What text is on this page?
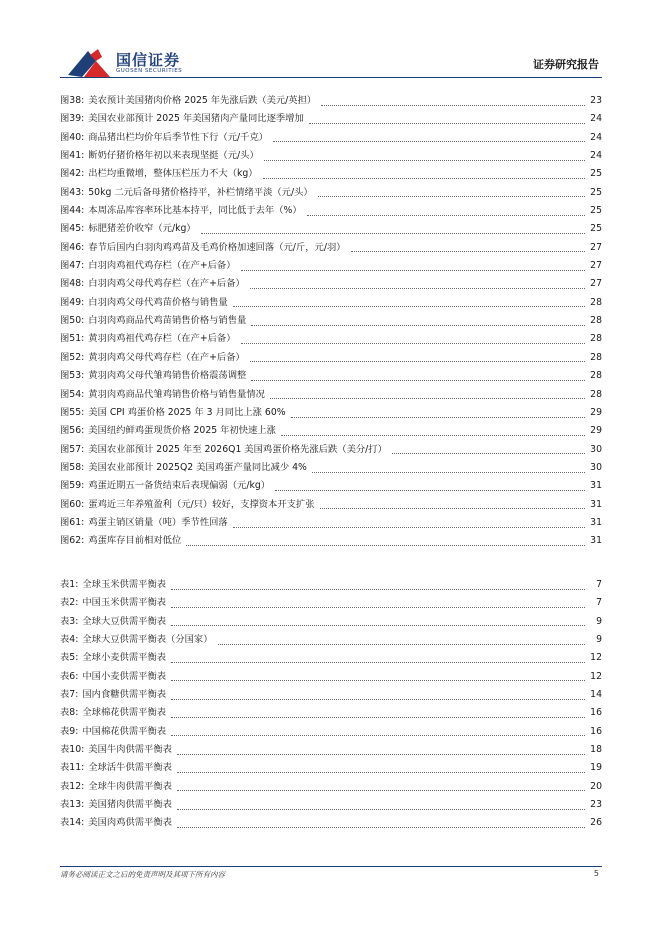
国信证券
GUOSEN SECURITIES	证券研究报告
图38: 美农预计美国猪肉价格 2025 年先涨后跌（美元/英担）	23
图39: 美国农业部预计 2025 年美国猪肉产量同比逐季增加	24
图40: 商品猪出栏均价年后季节性下行（元/千克）	24
图41: 断奶仔猪价格年初以来表现坚挺（元/头）	24
图42: 出栏均重微增，整体压栏压力不大（kg）	25
图43: 50kg 二元后备母猪价格持平，补栏情绪平淡（元/头）	25
图44: 本周冻品库容率环比基本持平，同比低于去年（%）	25
图45: 标肥猪差价收窄（元/kg）	25
图46: 春节后国内白羽肉鸡鸡苗及毛鸡价格加速回落（元/斤，元/羽）	27
图47: 白羽肉鸡祖代鸡存栏（在产+后备）	27
图48: 白羽肉鸡父母代鸡存栏（在产+后备）	27
图49: 白羽肉鸡父母代鸡苗价格与销售量	28
图50: 白羽肉鸡商品代鸡苗销售价格与销售量	28
图51: 黄羽肉鸡祖代鸡存栏（在产+后备）	28
图52: 黄羽肉鸡父母代鸡存栏（在产+后备）	28
图53: 黄羽肉鸡父母代雏鸡销售价格震荡调整	28
图54: 黄羽肉鸡商品代雏鸡销售价格与销售量情况	28
图55: 美国 CPI 鸡蛋价格 2025 年 3 月同比上涨 60%	29
图56: 美国纽约鲜鸡蛋现货价格 2025 年初快速上涨	29
图57: 美国农业部预计 2025 年至 2026Q1 美国鸡蛋价格先涨后跌（美分/打）	30
图58: 美国农业部预计 2025Q2 美国鸡蛋产量同比减少 4%	30
图59: 鸡蛋近期五一备货结束后表现偏弱（元/kg）	31
图60: 蛋鸡近三年养殖盈利（元/只）较好，支撑资本开支扩张	31
图61: 鸡蛋主销区销量（吨）季节性回落	31
图62: 鸡蛋库存目前相对低位	31
表1: 全球玉米供需平衡表	7
表2: 中国玉米供需平衡表	7
表3: 全球大豆供需平衡表	9
表4: 全球大豆供需平衡表（分国家）	9
表5: 全球小麦供需平衡表	12
表6: 中国小麦供需平衡表	12
表7: 国内食糖供需平衡表	14
表8: 全球棉花供需平衡表	16
表9: 中国棉花供需平衡表	16
表10: 美国牛肉供需平衡表	18
表11: 全球活牛供需平衡表	19
表12: 全球牛肉供需平衡表	20
表13: 美国猪肉供需平衡表	23
表14: 美国肉鸡供需平衡表	26
请务必阅读正文之后的免责声明及其项下所有内容	5
